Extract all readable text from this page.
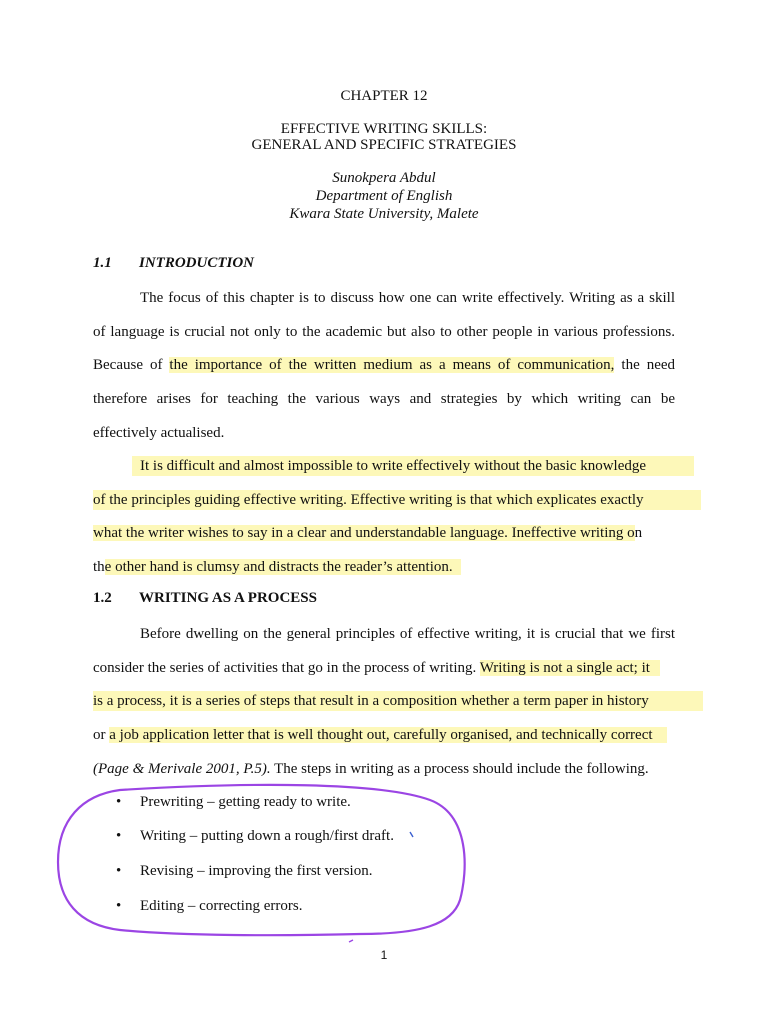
CHAPTER 12
EFFECTIVE WRITING SKILLS:
GENERAL AND SPECIFIC STRATEGIES
Sunokpera Abdul
Department of English
Kwara State University, Malete
1.1 INTRODUCTION
The focus of this chapter is to discuss how one can write effectively. Writing as a skill
of language is crucial not only to the academic but also to other people in various professions.
Because of the importance of the written medium as a means of communication, the need
therefore arises for teaching the various ways and strategies by which writing can be
effectively actualised.
It is difficult and almost impossible to write effectively without the basic knowledge
of the principles guiding effective writing. Effective writing is that which explicates exactly
what the writer wishes to say in a clear and understandable language. Ineffective writing on
the other hand is clumsy and distracts the reader’s attention.
1.2 WRITING AS A PROCESS
Before dwelling on the general principles of effective writing, it is crucial that we first
consider the series of activities that go in the process of writing. Writing is not a single act; it
is a process, it is a series of steps that result in a composition whether a term paper in history
or a job application letter that is well thought out, carefully organised, and technically correct
(Page & Merivale 2001, P.5). The steps in writing as a process should include the following.
• Prewriting – getting ready to write.
• Writing – putting down a rough/first draft.
• Revising – improving the first version.
• Editing – correcting errors.
1
